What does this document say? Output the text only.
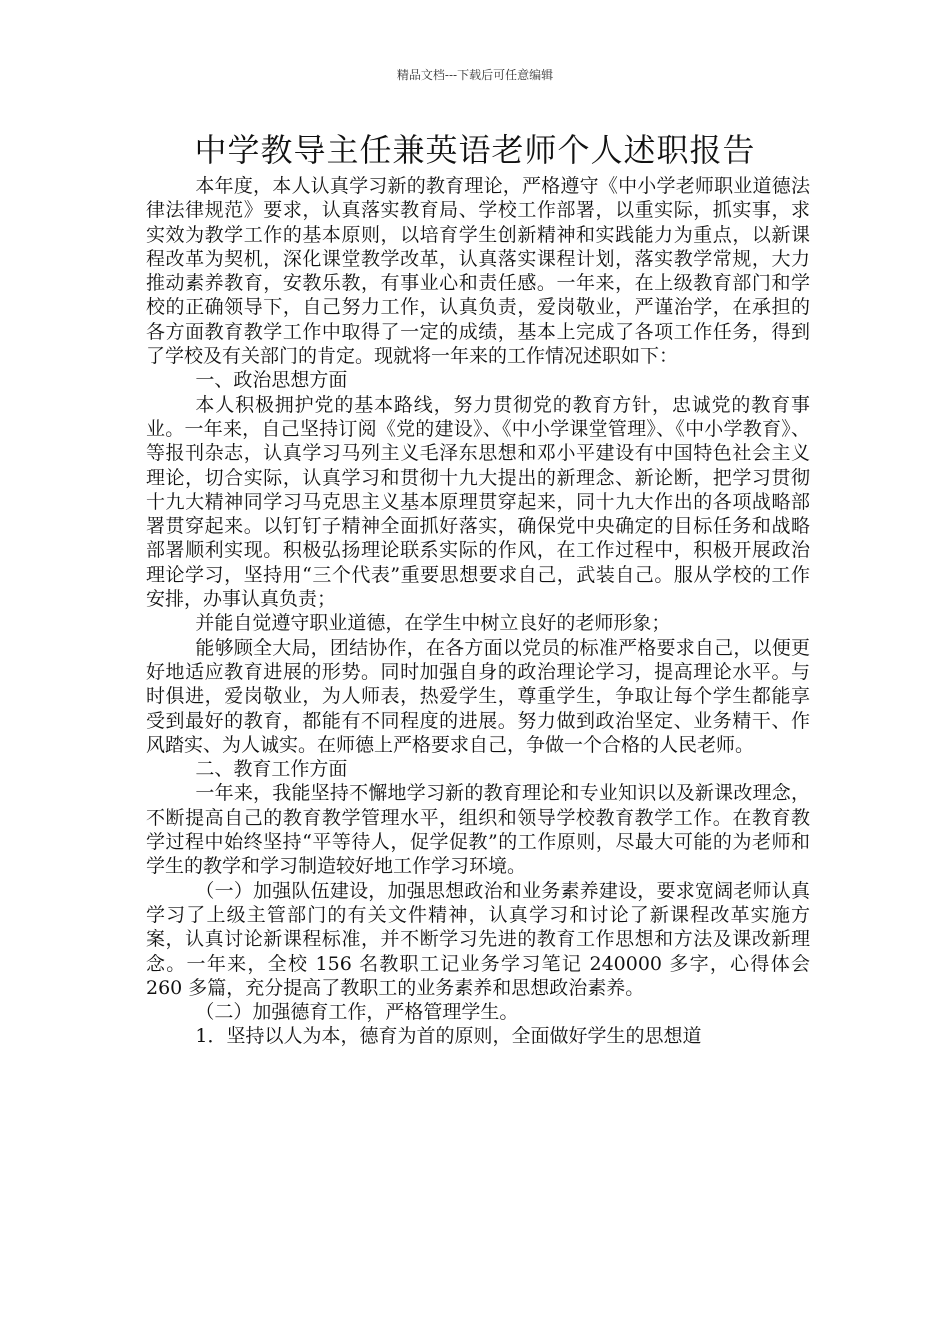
精品文档---下载后可任意编辑
中学教导主任兼英语老师个人述职报告

本年度，本人认真学习新的教育理论，严格遵守《中小学老师职业道德法律法律规范》要求，认真落实教育局、学校工作部署，以重实际，抓实事，求实效为教学工作的基本原则，以培育学生创新精神和实践能力为重点，以新课程改革为契机，深化课堂教学改革，认真落实课程计划，落实教学常规，大力推动素养教育，安教乐教，有事业心和责任感。一年来，在上级教育部门和学校的正确领导下，自己努力工作，认真负责，爱岗敬业，严谨治学，在承担的各方面教育教学工作中取得了一定的成绩，基本上完成了各项工作任务，得到了学校及有关部门的肯定。现就将一年来的工作情况述职如下：

一、政治思想方面

本人积极拥护党的基本路线，努力贯彻党的教育方针，忠诚党的教育事业。一年来，自己坚持订阅《党的建设》、《中小学课堂管理》、《中小学教育》、等报刊杂志，认真学习马列主义毛泽东思想和邓小平建设有中国特色社会主义理论，切合实际，认真学习和贯彻十九大提出的新理念、新论断，把学习贯彻十九大精神同学习马克思主义基本原理贯穿起来，同十九大作出的各项战略部署贯穿起来。以钉钉子精神全面抓好落实，确保党中央确定的目标任务和战略部署顺利实现。积极弘扬理论联系实际的作风，在工作过程中，积极开展政治理论学习，坚持用“三个代表”重要思想要求自己，武装自己。服从学校的工作安排，办事认真负责；

并能自觉遵守职业道德，在学生中树立良好的老师形象；

能够顾全大局，团结协作，在各方面以党员的标准严格要求自己，以便更好地适应教育进展的形势。同时加强自身的政治理论学习，提高理论水平。与时俱进，爱岗敬业，为人师表，热爱学生，尊重学生，争取让每个学生都能享受到最好的教育，都能有不同程度的进展。努力做到政治坚定、业务精干、作风踏实、为人诚实。在师德上严格要求自己，争做一个合格的人民老师。

二、教育工作方面

一年来，我能坚持不懈地学习新的教育理论和专业知识以及新课改理念，不断提高自己的教育教学管理水平，组织和领导学校教育教学工作。在教育教学过程中始终坚持“平等待人，促学促教”的工作原则，尽最大可能的为老师和学生的教学和学习制造较好地工作学习环境。

（一）加强队伍建设，加强思想政治和业务素养建设，要求宽阔老师认真学习了上级主管部门的有关文件精神，认真学习和讨论了新课程改革实施方案，认真讨论新课程标准，并不断学习先进的教育工作思想和方法及课改新理念。一年来，全校 156 名教职工记业务学习笔记 240000 多字，心得体会 260 多篇，充分提高了教职工的业务素养和思想政治素养。

（二）加强德育工作，严格管理学生。

1．坚持以人为本，德育为首的原则，全面做好学生的思想道
